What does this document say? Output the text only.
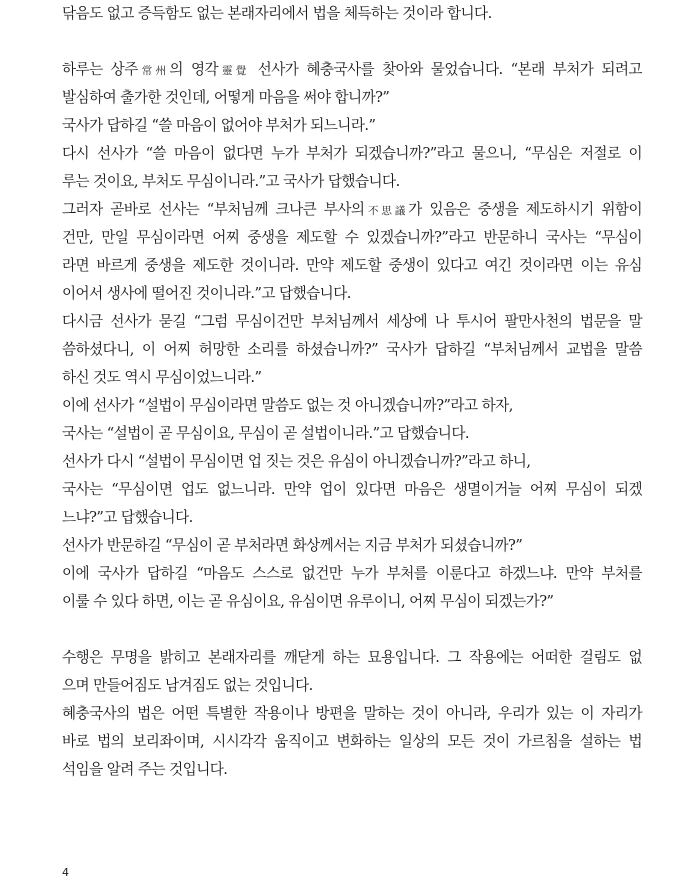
닦음도 없고 증득함도 없는 본래자리에서 법을 체득하는 것이라 합니다.
하루는 상주常州의 영각靈覺 선사가 혜충국사를 찾아와 물었습니다. “본래 부처가 되려고
발심하여 출가한 것인데, 어떻게 마음을 써야 합니까?”
국사가 답하길 “쓸 마음이 없어야 부처가 되느니라.”
다시 선사가 “쓸 마음이 없다면 누가 부처가 되겠습니까?”라고 물으니, “무심은 저절로 이
루는 것이요, 부처도 무심이니라.”고 국사가 답했습니다.
그러자 곧바로 선사는 “부처님께 크나큰 부사의不思議가 있음은 중생을 제도하시기 위함이
건만, 만일 무심이라면 어찌 중생을 제도할 수 있겠습니까?”라고 반문하니 국사는 “무심이
라면 바르게 중생을 제도한 것이니라. 만약 제도할 중생이 있다고 여긴 것이라면 이는 유심
이어서 생사에 떨어진 것이니라.”고 답했습니다.
다시금 선사가 묻길 “그럼 무심이건만 부처님께서 세상에 나 투시어 팔만사천의 법문을 말
씀하셨다니, 이 어찌 허망한 소리를 하셨습니까?” 국사가 답하길 “부처님께서 교법을 말씀
하신 것도 역시 무심이었느니라.”
이에 선사가 “설법이 무심이라면 말씀도 없는 것 아니겠습니까?”라고 하자,
국사는 “설법이 곧 무심이요, 무심이 곧 설법이니라.”고 답했습니다.
선사가 다시 “설법이 무심이면 업 짓는 것은 유심이 아니겠습니까?”라고 하니,
국사는 “무심이면 업도 없느니라. 만약 업이 있다면 마음은 생멸이거늘 어찌 무심이 되겠
느냐?”고 답했습니다.
선사가 반문하길 “무심이 곧 부처라면 화상께서는 지금 부처가 되셨습니까?”
이에 국사가 답하길 “마음도 스스로 없건만 누가 부처를 이룬다고 하겠느냐. 만약 부처를
이룰 수 있다 하면, 이는 곧 유심이요, 유심이면 유루이니, 어찌 무심이 되겠는가?”
수행은 무명을 밝히고 본래자리를 깨닫게 하는 묘용입니다. 그 작용에는 어떠한 걸림도 없
으며 만들어짐도 남겨짐도 없는 것입니다.
혜충국사의 법은 어떤 특별한 작용이나 방편을 말하는 것이 아니라, 우리가 있는 이 자리가
바로 법의 보리좌이며, 시시각각 움직이고 변화하는 일상의 모든 것이 가르침을 설하는 법
석임을 알려 주는 것입니다.
4
